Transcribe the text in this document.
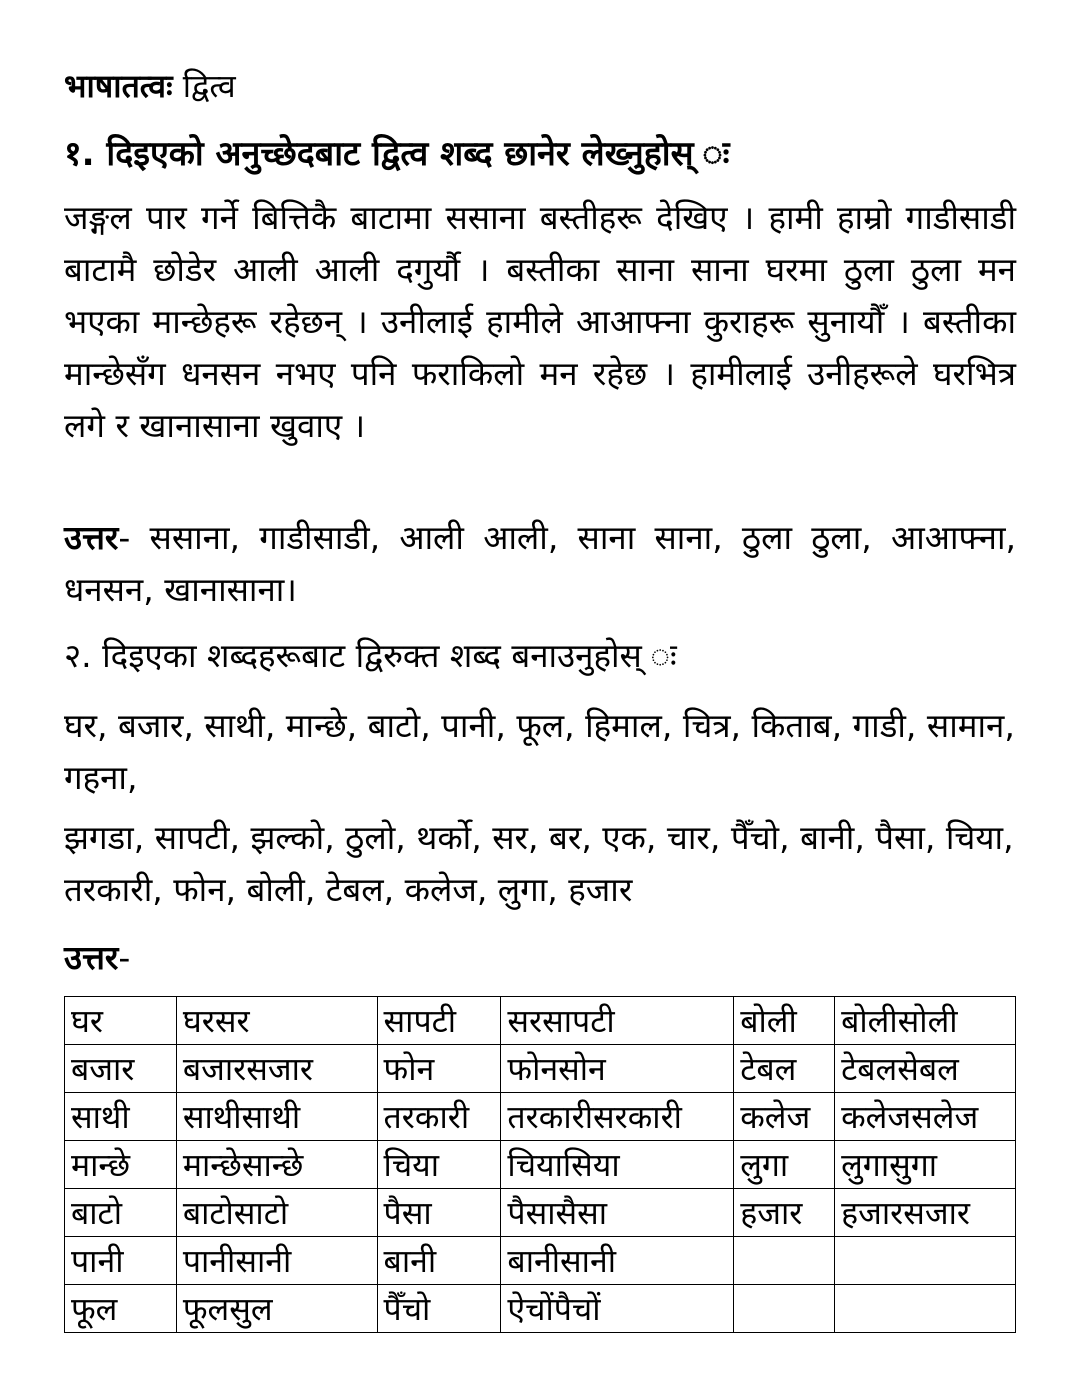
भाषातत्वः द्वित्व
१. दिइएको अनुच्छेदबाट द्वित्व शब्द छानेर लेख्नुहोस् ः
जङ्गल पार गर्ने बित्तिकै बाटामा ससाना बस्तीहरू देखिए । हामी हाम्रो गाडीसाडी बाटामै छोडेर आली आली दगुर्यौ । बस्तीका साना साना घरमा ठुला ठुला मन भएका मान्छेहरू रहेछन् । उनीलाई हामीले आआफ्ना कुराहरू सुनायौँ । बस्तीका मान्छेसँग धनसन नभए पनि फराकिलो मन रहेछ । हामीलाई उनीहरूले घरभित्र लगे र खानासाना खुवाए ।
उत्तर- ससाना, गाडीसाडी, आली आली, साना साना, ठुला ठुला, आआफ्ना, धनसन, खानासाना।
२. दिइएका शब्दहरूबाट द्विरुक्त शब्द बनाउनुहोस् ः
घर, बजार, साथी, मान्छे, बाटो, पानी, फूल, हिमाल, चित्र, किताब, गाडी, सामान, गहना,
झगडा, सापटी, झल्को, ठुलो, थर्को, सर, बर, एक, चार, पैँचो, बानी, पैसा, चिया, तरकारी, फोन, बोली, टेबल, कलेज, लुगा, हजार
उत्तर-
घर	घरसर	सापटी	सरसापटी	बोली	बोलीसोली
बजार	बजारसजार	फोन	फोनसोन	टेबल	टेबलसेबल
साथी	साथीसाथी	तरकारी	तरकारीसरकारी	कलेज	कलेजसलेज
मान्छे	मान्छेसान्छे	चिया	चियासिया	लुगा	लुगासुगा
बाटो	बाटोसाटो	पैसा	पैसासैसा	हजार	हजारसजार
पानी	पानीसानी	बानी	बानीसानी		
फूल	फूलसुल	पैँचो	ऐचोंपैचों		
